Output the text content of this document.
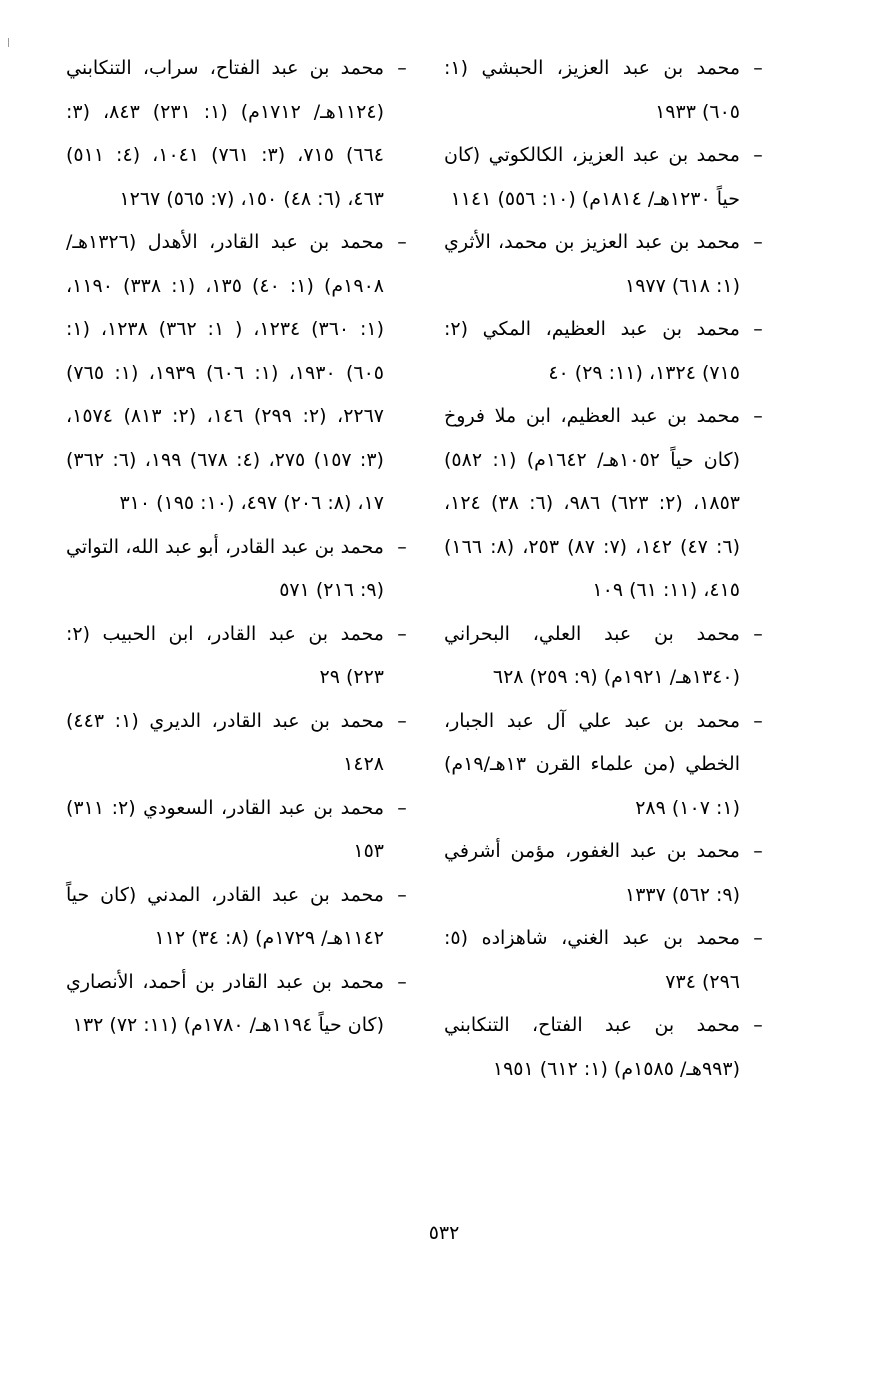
–
محمد بن عبد العزيز، الحبشي (١: ٦٠٥) ١٩٣٣
–
محمد بن عبد العزيز، الكالكوتي (كان حياً ١٢٣٠هـ/ ١٨١٤م) (١٠: ٥٥٦) ١١٤١
–
محمد بن عبد العزيز بن محمد، الأثري (١: ٦١٨) ١٩٧٧
–
محمد بن عبد العظيم، المكي (٢: ٧١٥) ١٣٢٤، (١١: ٢٩) ٤٠
–
محمد بن عبد العظيم، ابن ملا فروخ (كان حياً ١٠٥٢هـ/ ١٦٤٢م) (١: ٥٨٢) ١٨٥٣، (٢: ٦٢٣) ٩٨٦، (٦: ٣٨) ١٢٤، (٦: ٤٧) ١٤٢، (٧: ٨٧) ٢٥٣، (٨: ١٦٦) ٤١٥، (١١: ٦١) ١٠٩
–
محمد بن عبد العلي، البحراني (١٣٤٠هـ/ ١٩٢١م) (٩: ٢٥٩) ٦٢٨
–
محمد بن عبد علي آل عبد الجبار، الخطي (من علماء القرن ١٣هـ/١٩م) (١: ١٠٧) ٢٨٩
–
محمد بن عبد الغفور، مؤمن أشرفي (٩: ٥٦٢) ١٣٣٧
–
محمد بن عبد الغني، شاهزاده (٥: ٢٩٦) ٧٣٤
–
محمد بن عبد الفتاح، التنكابني (٩٩٣هـ/ ١٥٨٥م) (١: ٦١٢) ١٩٥١
–
محمد بن عبد الفتاح، سراب، التنكابني (١١٢٤هـ/ ١٧١٢م) (١: ٢٣١) ٨٤٣، (٣: ٦٦٤) ٧١٥، (٣: ٧٦١) ١٠٤١، (٤: ٥١١) ٤٦٣، (٦: ٤٨) ١٥٠، (٧: ٥٦٥) ١٢٦٧
–
محمد بن عبد القادر، الأهدل (١٣٢٦هـ/ ١٩٠٨م) (١: ٤٠) ١٣٥، (١: ٣٣٨) ١١٩٠، (١: ٣٦٠) ١٢٣٤، ( ١: ٣٦٢) ١٢٣٨، (١: ٦٠٥) ١٩٣٠، (١: ٦٠٦) ١٩٣٩، (١: ٧٦٥) ٢٢٦٧، (٢: ٢٩٩) ١٤٦، (٢: ٨١٣) ١٥٧٤، (٣: ١٥٧) ٢٧٥، (٤: ٦٧٨) ١٩٩، (٦: ٣٦٢) ١٧، (٨: ٢٠٦) ٤٩٧، (١٠: ١٩٥) ٣١٠
–
محمد بن عبد القادر، أبو عبد الله، التواتي (٩: ٢١٦) ٥٧١
–
محمد بن عبد القادر، ابن الحبيب (٢: ٢٢٣) ٢٩
–
محمد بن عبد القادر، الديري (١: ٤٤٣) ١٤٢٨
–
محمد بن عبد القادر، السعودي (٢: ٣١١) ١٥٣
–
محمد بن عبد القادر، المدني (كان حياً ١١٤٢هـ/ ١٧٢٩م) (٨: ٣٤) ١١٢
–
محمد بن عبد القادر بن أحمد، الأنصاري (كان حياً ١١٩٤هـ/ ١٧٨٠م) (١١: ٧٢) ١٣٢
٥٣٢
